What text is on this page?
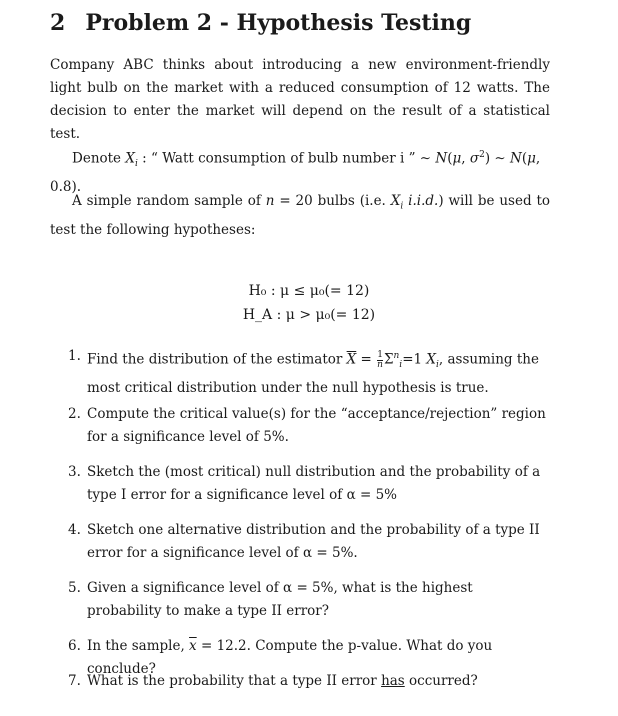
2 Problem 2 - Hypothesis Testing
Company ABC thinks about introducing a new environment-friendly light bulb on the market with a reduced consumption of 12 watts. The decision to enter the market will depend on the result of a statistical test.
Denote $X_i$ : “ Watt consumption of bulb number i ” ∼ N(μ, $\sigma^2$) ∼ N(μ, 0.8).
A simple random sample of n = 20 bulbs (i.e. $X_i$ i.i.d.) will be used to test the following hypotheses:
H₀ : μ ≤ μ₀(= 12)
H_A : μ > μ₀(= 12)
1. Find the distribution of the estimator $\overline{X} = \frac{1}{n} \Sigma^n_i=1$ $X_i$, assuming the most critical distribution under the null hypothesis is true.
2. Compute the critical value(s) for the “acceptance/rejection” region for a significance level of 5%.
3. Sketch the (most critical) null distribution and the probability of a type I error for a significance level of α = 5%
4. Sketch one alternative distribution and the probability of a type II error for a significance level of α = 5%.
5. Given a significance level of α = 5%, what is the highest probability to make a type II error?
6. In the sample, $\overline{x} = 12.2$. Compute the p-value. What do you conclude?
7. What is the probability that a type II error has occurred?
